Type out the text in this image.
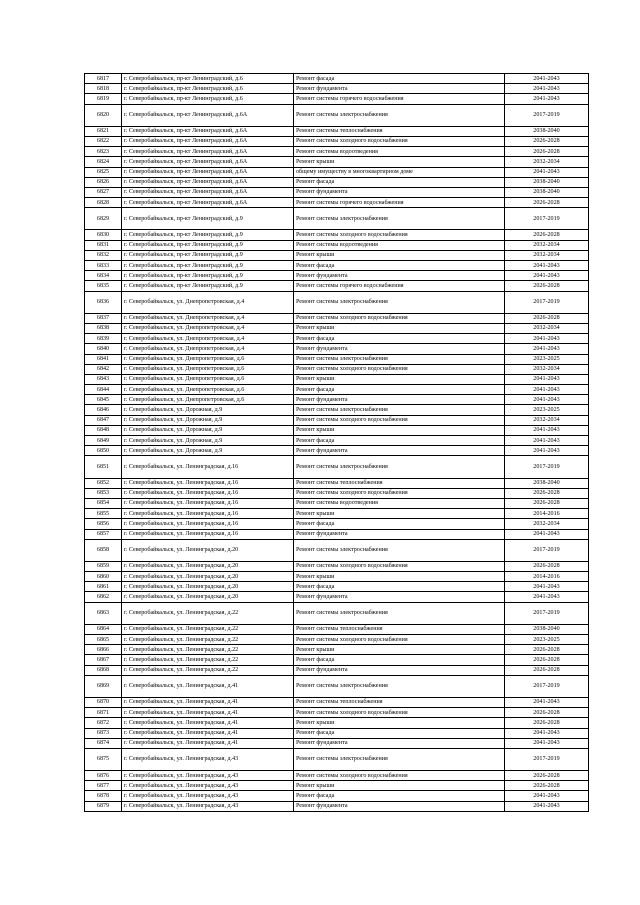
6817	г. Северобайкальск, пр-кт Ленинградский, д.6	Ремонт фасада	2041-2043
6818	г. Северобайкальск, пр-кт Ленинградский, д.6	Ремонт фундамента	2041-2043
6819	г. Северобайкальск, пр-кт Ленинградский, д.6	Ремонт системы горячего водоснабжения	2041-2043
6820	г. Северобайкальск, пр-кт Ленинградский, д.6А	Ремонт системы электроснабжения	2017-2019
6821	г. Северобайкальск, пр-кт Ленинградский, д.6А	Ремонт системы теплоснабжения	2038-2040
6822	г. Северобайкальск, пр-кт Ленинградский, д.6А	Ремонт системы холодного водоснабжения	2026-2028
6823	г. Северобайкальск, пр-кт Ленинградский, д.6А	Ремонт системы водоотведения	2026-2028
6824	г. Северобайкальск, пр-кт Ленинградский, д.6А	Ремонт крыши	2032-2034
6825	г. Северобайкальск, пр-кт Ленинградский, д.6А	общему имуществу в многоквартирном доме	2041-2043
6826	г. Северобайкальск, пр-кт Ленинградский, д.6А	Ремонт фасада	2038-2040
6827	г. Северобайкальск, пр-кт Ленинградский, д.6А	Ремонт фундамента	2038-2040
6828	г. Северобайкальск, пр-кт Ленинградский, д.6А	Ремонт системы горячего водоснабжения	2026-2028
6829	г. Северобайкальск, пр-кт Ленинградский, д.9	Ремонт системы электроснабжения	2017-2019
6830	г. Северобайкальск, пр-кт Ленинградский, д.9	Ремонт системы холодного водоснабжения	2026-2028
6831	г. Северобайкальск, пр-кт Ленинградский, д.9	Ремонт системы водоотведения	2032-2034
6832	г. Северобайкальск, пр-кт Ленинградский, д.9	Ремонт крыши	2032-2034
6833	г. Северобайкальск, пр-кт Ленинградский, д.9	Ремонт фасада	2041-2043
6834	г. Северобайкальск, пр-кт Ленинградский, д.9	Ремонт фундамента	2041-2043
6835	г. Северобайкальск, пр-кт Ленинградский, д.9	Ремонт системы горячего водоснабжения	2026-2028
6836	г. Северобайкальск, ул. Днепропетровская, д.4	Ремонт системы электроснабжения	2017-2019
6837	г. Северобайкальск, ул. Днепропетровская, д.4	Ремонт системы холодного водоснабжения	2026-2028
6838	г. Северобайкальск, ул. Днепропетровская, д.4	Ремонт крыши	2032-2034
6839	г. Северобайкальск, ул. Днепропетровская, д.4	Ремонт фасада	2041-2043
6840	г. Северобайкальск, ул. Днепропетровская, д.4	Ремонт фундамента	2041-2043
6841	г. Северобайкальск, ул. Днепропетровская, д.6	Ремонт системы электроснабжения	2023-2025
6842	г. Северобайкальск, ул. Днепропетровская, д.6	Ремонт системы холодного водоснабжения	2032-2034
6843	г. Северобайкальск, ул. Днепропетровская, д.6	Ремонт крыши	2041-2043
6844	г. Северобайкальск, ул. Днепропетровская, д.6	Ремонт фасада	2041-2043
6845	г. Северобайкальск, ул. Днепропетровская, д.6	Ремонт фундамента	2041-2043
6846	г. Северобайкальск, ул. Дорожная, д.9	Ремонт системы электроснабжения	2023-2025
6847	г. Северобайкальск, ул. Дорожная, д.9	Ремонт системы холодного водоснабжения	2032-2034
6848	г. Северобайкальск, ул. Дорожная, д.9	Ремонт крыши	2041-2043
6849	г. Северобайкальск, ул. Дорожная, д.9	Ремонт фасада	2041-2043
6850	г. Северобайкальск, ул. Дорожная, д.9	Ремонт фундамента	2041-2043
6851	г. Северобайкальск, ул. Ленинградская, д.16	Ремонт системы электроснабжения	2017-2019
6852	г. Северобайкальск, ул. Ленинградская, д.16	Ремонт системы теплоснабжения	2038-2040
6853	г. Северобайкальск, ул. Ленинградская, д.16	Ремонт системы холодного водоснабжения	2026-2028
6854	г. Северобайкальск, ул. Ленинградская, д.16	Ремонт системы водоотведения	2026-2028
6855	г. Северобайкальск, ул. Ленинградская, д.16	Ремонт крыши	2014-2016
6856	г. Северобайкальск, ул. Ленинградская, д.16	Ремонт фасада	2032-2034
6857	г. Северобайкальск, ул. Ленинградская, д.16	Ремонт фундамента	2041-2043
6858	г. Северобайкальск, ул. Ленинградская, д.20	Ремонт системы электроснабжения	2017-2019
6859	г. Северобайкальск, ул. Ленинградская, д.20	Ремонт системы холодного водоснабжения	2026-2028
6860	г. Северобайкальск, ул. Ленинградская, д.20	Ремонт крыши	2014-2016
6861	г. Северобайкальск, ул. Ленинградская, д.20	Ремонт фасада	2041-2043
6862	г. Северобайкальск, ул. Ленинградская, д.20	Ремонт фундамента	2041-2043
6863	г. Северобайкальск, ул. Ленинградская, д.22	Ремонт системы электроснабжения	2017-2019
6864	г. Северобайкальск, ул. Ленинградская, д.22	Ремонт системы теплоснабжения	2038-2040
6865	г. Северобайкальск, ул. Ленинградская, д.22	Ремонт системы холодного водоснабжения	2023-2025
6866	г. Северобайкальск, ул. Ленинградская, д.22	Ремонт крыши	2026-2028
6867	г. Северобайкальск, ул. Ленинградская, д.22	Ремонт фасада	2026-2028
6868	г. Северобайкальск, ул. Ленинградская, д.22	Ремонт фундамента	2026-2028
6869	г. Северобайкальск, ул. Ленинградская, д.41	Ремонт системы электроснабжения	2017-2019
6870	г. Северобайкальск, ул. Ленинградская, д.41	Ремонт системы теплоснабжения	2041-2043
6871	г. Северобайкальск, ул. Ленинградская, д.41	Ремонт системы холодного водоснабжения	2026-2028
6872	г. Северобайкальск, ул. Ленинградская, д.41	Ремонт крыши	2026-2028
6873	г. Северобайкальск, ул. Ленинградская, д.41	Ремонт фасада	2041-2043
6874	г. Северобайкальск, ул. Ленинградская, д.41	Ремонт фундамента	2041-2043
6875	г. Северобайкальск, ул. Ленинградская, д.43	Ремонт системы электроснабжения	2017-2019
6876	г. Северобайкальск, ул. Ленинградская, д.43	Ремонт системы холодного водоснабжения	2026-2028
6877	г. Северобайкальск, ул. Ленинградская, д.43	Ремонт крыши	2026-2028
6878	г. Северобайкальск, ул. Ленинградская, д.43	Ремонт фасада	2041-2043
6879	г. Северобайкальск, ул. Ленинградская, д.43	Ремонт фундамента	2041-2043
